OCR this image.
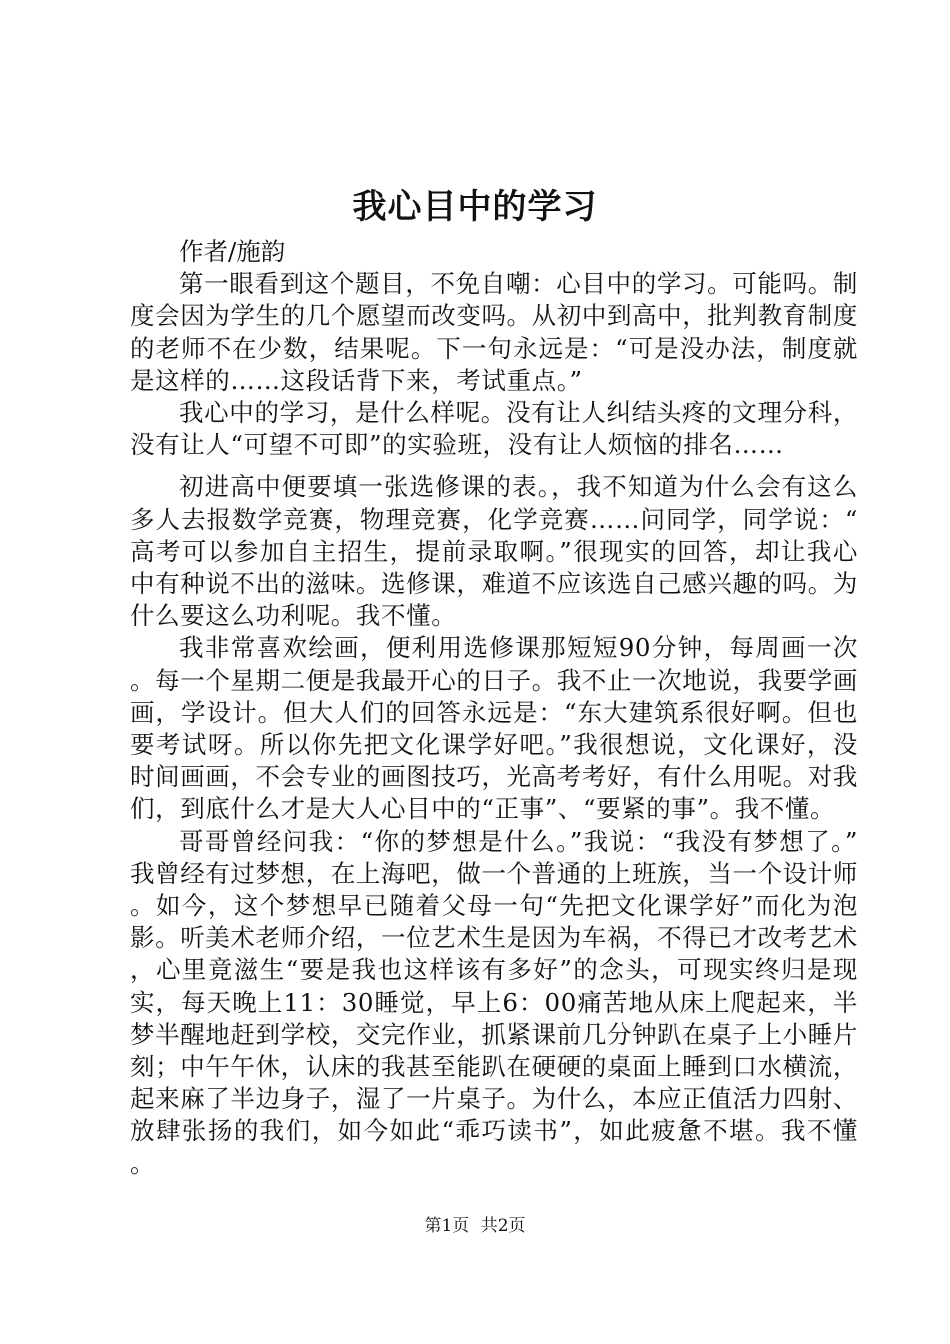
我心目中的学习

作者/施韵

第一眼看到这个题目，不免自嘲：心目中的学习。可能吗。制度会因为学生的几个愿望而改变吗。从初中到高中，批判教育制度的老师不在少数，结果呢。下一句永远是：“可是没办法，制度就是这样的……这段话背下来，考试重点。”

我心中的学习，是什么样呢。没有让人纠结头疼的文理分科，没有让人“可望不可即”的实验班，没有让人烦恼的排名……

初进高中便要填一张选修课的表。，我不知道为什么会有这么多人去报数学竞赛，物理竞赛，化学竞赛……问同学，同学说：“高考可以参加自主招生，提前录取啊。”很现实的回答，却让我心中有种说不出的滋味。选修课，难道不应该选自己感兴趣的吗。为什么要这么功利呢。我不懂。

我非常喜欢绘画，便利用选修课那短短90分钟，每周画一次。每一个星期二便是我最开心的日子。我不止一次地说，我要学画画，学设计。但大人们的回答永远是：“东大建筑系很好啊。但也要考试呀。所以你先把文化课学好吧。”我很想说，文化课好，没时间画画，不会专业的画图技巧，光高考考好，有什么用呢。对我们，到底什么才是大人心目中的“正事”、“要紧的事”。我不懂。

哥哥曾经问我：“你的梦想是什么。”我说：“我没有梦想了。”我曾经有过梦想，在上海吧，做一个普通的上班族，当一个设计师。如今，这个梦想早已随着父母一句“先把文化课学好”而化为泡影。听美术老师介绍，一位艺术生是因为车祸，不得已才改考艺术，心里竟滋生“要是我也这样该有多好”的念头，可现实终归是现实，每天晚上11：30睡觉，早上6：00痛苦地从床上爬起来，半梦半醒地赶到学校，交完作业，抓紧课前几分钟趴在桌子上小睡片刻；中午午休，认床的我甚至能趴在硬硬的桌面上睡到口水横流，起来麻了半边身子，湿了一片桌子。为什么，本应正值活力四射、放肆张扬的我们，如今如此“乖巧读书”，如此疲惫不堪。我不懂。

第1页 共2页
